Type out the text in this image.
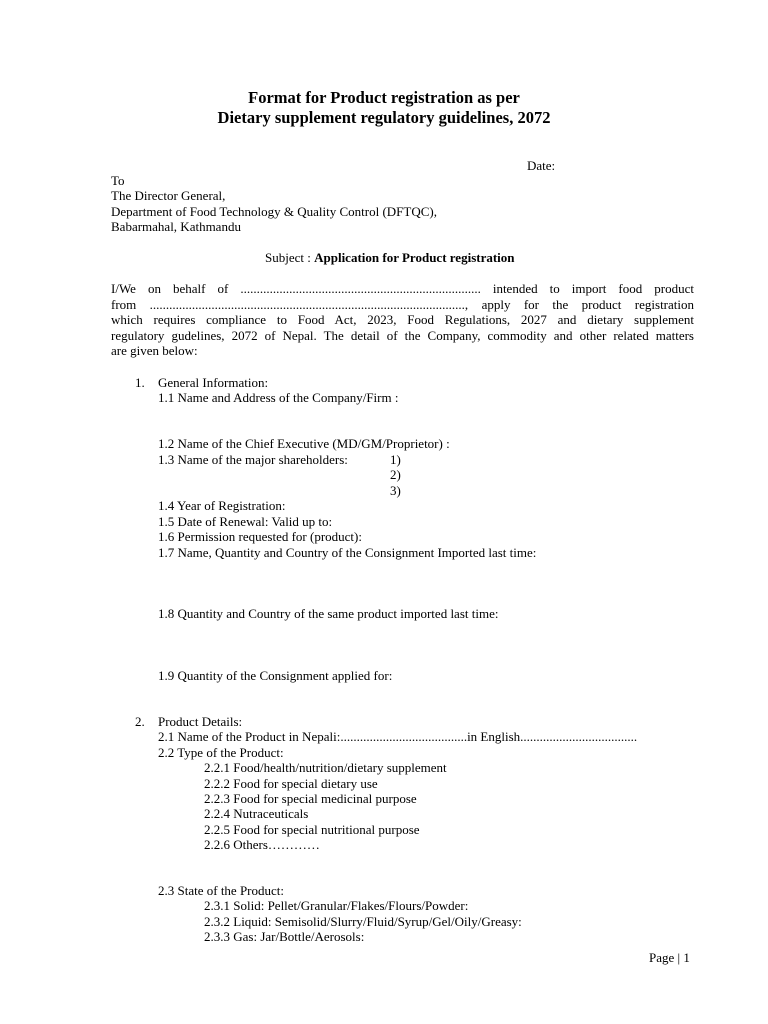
Format for Product registration as per
Dietary supplement regulatory guidelines, 2072
Date:
To
The Director General,
Department of Food Technology & Quality Control (DFTQC),
Babarmahal, Kathmandu
Subject : Application for Product registration
I/We on behalf of .......................................................................... intended to import food product
from ................................................................................................., apply for the product registration
which requires compliance to Food Act, 2023, Food Regulations, 2027 and dietary supplement
regulatory gudelines, 2072 of Nepal. The detail of the Company, commodity and other related matters
are given below:
1. General Information:
1.1 Name and Address of the Company/Firm :
1.2 Name of the Chief Executive (MD/GM/Proprietor) :
1.3 Name of the major shareholders:	1)
2)
3)
1.4 Year of Registration:
1.5 Date of Renewal: Valid up to:
1.6 Permission requested for (product):
1.7 Name, Quantity and Country of the Consignment Imported last time:
1.8 Quantity and Country of the same product imported last time:
1.9 Quantity of the Consignment applied for:
2. Product Details:
2.1 Name of the Product in Nepali:.......................................in English....................................
2.2 Type of the Product:
2.2.1 Food/health/nutrition/dietary supplement
2.2.2 Food for special dietary use
2.2.3 Food for special medicinal purpose
2.2.4 Nutraceuticals
2.2.5 Food for special nutritional purpose
2.2.6 Others…………
2.3 State of the Product:
2.3.1 Solid: Pellet/Granular/Flakes/Flours/Powder:
2.3.2 Liquid: Semisolid/Slurry/Fluid/Syrup/Gel/Oily/Greasy:
2.3.3 Gas: Jar/Bottle/Aerosols:
Page | 1
